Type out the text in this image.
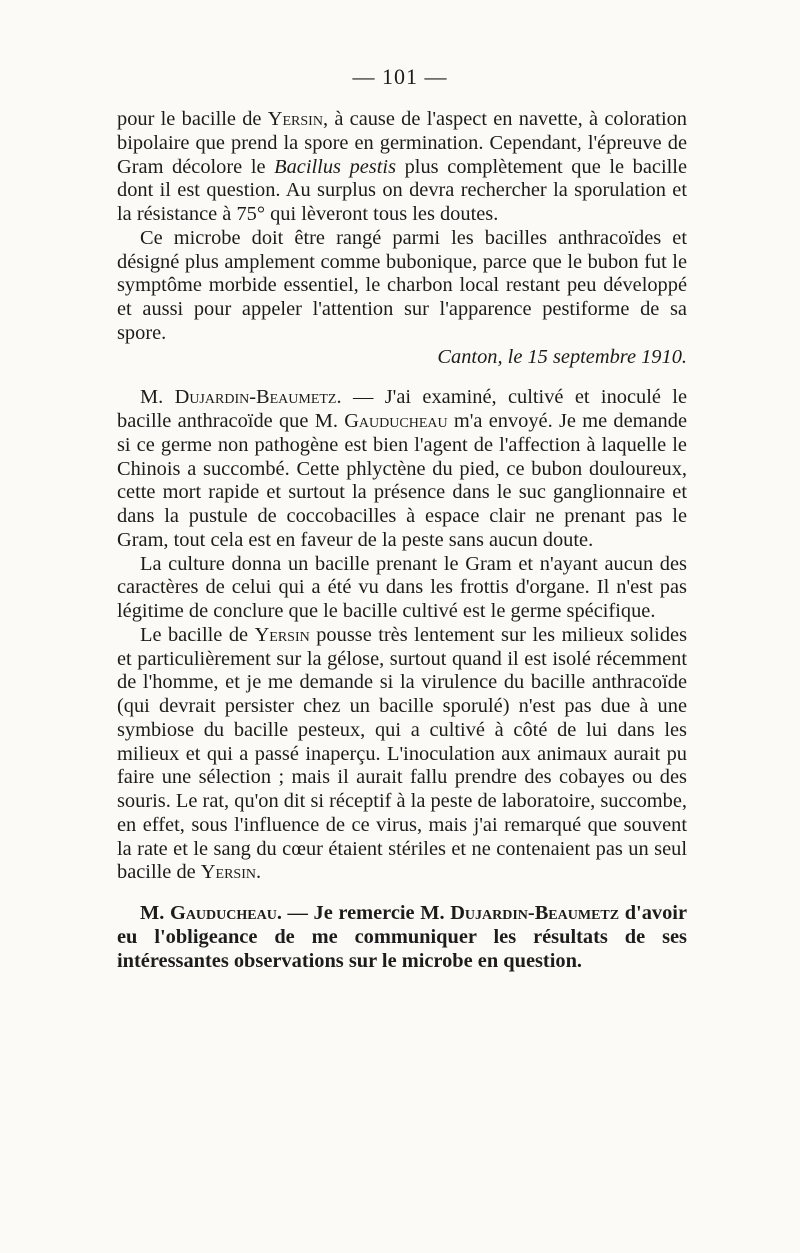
— 101 —

pour le bacille de Yersin, à cause de l'aspect en navette, à coloration bipolaire que prend la spore en germination. Cependant, l'épreuve de Gram décolore le Bacillus pestis plus complètement que le bacille dont il est question. Au surplus on devra rechercher la sporulation et la résistance à 75° qui lèveront tous les doutes.

Ce microbe doit être rangé parmi les bacilles anthracoïdes et désigné plus amplement comme bubonique, parce que le bubon fut le symptôme morbide essentiel, le charbon local restant peu développé et aussi pour appeler l'attention sur l'apparence pestiforme de sa spore.

Canton, le 15 septembre 1910.

M. Dujardin-Beaumetz. — J'ai examiné, cultivé et inoculé le bacille anthracoïde que M. Gauducheau m'a envoyé. Je me demande si ce germe non pathogène est bien l'agent de l'affection à laquelle le Chinois a succombé. Cette phlyctène du pied, ce bubon douloureux, cette mort rapide et surtout la présence dans le suc ganglionnaire et dans la pustule de coccobacilles à espace clair ne prenant pas le Gram, tout cela est en faveur de la peste sans aucun doute.

La culture donna un bacille prenant le Gram et n'ayant aucun des caractères de celui qui a été vu dans les frottis d'organe. Il n'est pas légitime de conclure que le bacille cultivé est le germe spécifique.

Le bacille de Yersin pousse très lentement sur les milieux solides et particulièrement sur la gélose, surtout quand il est isolé récemment de l'homme, et je me demande si la virulence du bacille anthracoïde (qui devrait persister chez un bacille sporulé) n'est pas due à une symbiose du bacille pesteux, qui a cultivé à côté de lui dans les milieux et qui a passé inaperçu. L'inoculation aux animaux aurait pu faire une sélection ; mais il aurait fallu prendre des cobayes ou des souris. Le rat, qu'on dit si réceptif à la peste de laboratoire, succombe, en effet, sous l'influence de ce virus, mais j'ai remarqué que souvent la rate et le sang du cœur étaient stériles et ne contenaient pas un seul bacille de Yersin.

M. Gauducheau. — Je remercie M. Dujardin-Beaumetz d'avoir eu l'obligeance de me communiquer les résultats de ses intéressantes observations sur le microbe en question.
